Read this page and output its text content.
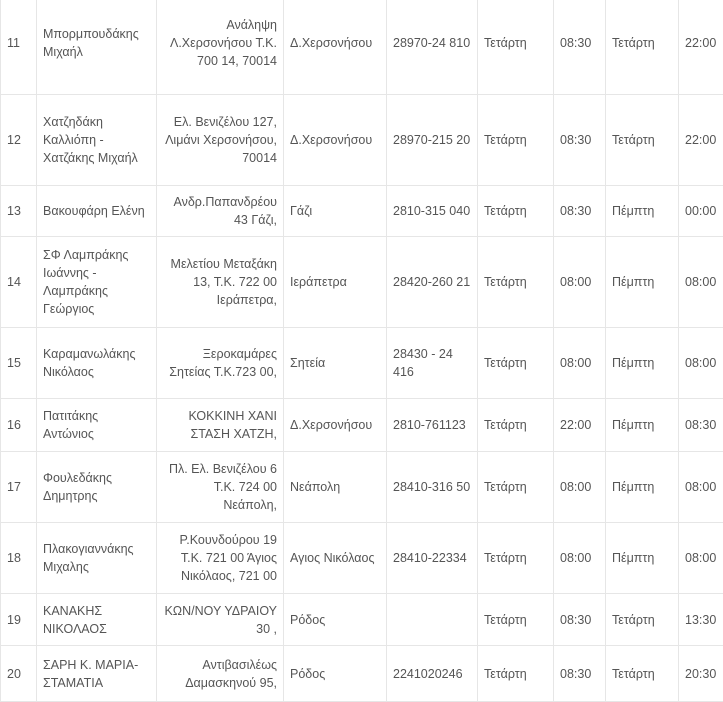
11	Μπορμπουδάκης Μιχαήλ	Ανάληψη Λ.Χερσονήσου Τ.Κ. 700 14, 70014	Δ.Χερσονήσου	28970-24 810	Τετάρτη	08:30	Τετάρτη	22:00
12	Χατζηδάκη Καλλιόπη - Χατζάκης Μιχαήλ	Ελ. Βενιζέλου 127, Λιμάνι Χερσονήσου, 70014	Δ.Χερσονήσου	28970-215 20	Τετάρτη	08:30	Τετάρτη	22:00
13	Βακουφάρη Ελένη	Ανδρ.Παπανδρέου 43 Γάζι,	Γάζι	2810-315 040	Τετάρτη	08:30	Πέμπτη	00:00
14	ΣΦ Λαμπράκης Ιωάννης - Λαμπράκης Γεώργιος	Μελετίου Μεταξάκη 13, Τ.Κ. 722 00 Ιεράπετρα,	Ιεράπετρα	28420-260 21	Τετάρτη	08:00	Πέμπτη	08:00
15	Καραμανωλάκης Νικόλαος	Ξεροκαμάρες Σητείας Τ.Κ.723 00,	Σητεία	28430 - 24 416	Τετάρτη	08:00	Πέμπτη	08:00
16	Πατιτάκης Αντώνιος	ΚΟΚΚΙΝΗ ΧΑΝΙ ΣΤΑΣΗ ΧΑΤΖΗ,	Δ.Χερσονήσου	2810-761123	Τετάρτη	22:00	Πέμπτη	08:30
17	Φουλεδάκης Δημητρης	Πλ. Ελ. Βενιζέλου 6 Τ.Κ. 724 00 Νεάπολη,	Νεάπολη	28410-316 50	Τετάρτη	08:00	Πέμπτη	08:00
18	Πλακογιαννάκης Μιχαλης	Ρ.Κουνδούρου 19 Τ.Κ. 721 00 Άγιος Νικόλαος, 721 00	Αγιος Νικόλαος	28410-22334	Τετάρτη	08:00	Πέμπτη	08:00
19	ΚΑΝΑΚΗΣ ΝΙΚΟΛΑΟΣ	ΚΩΝ/ΝΟΥ ΥΔΡΑΙΟΥ 30 ,	Ρόδος		Τετάρτη	08:30	Τετάρτη	13:30
20	ΣΑΡΗ Κ. ΜΑΡΙΑ-ΣΤΑΜΑΤΙΑ	Αντιβασιλέως Δαμασκηνού 95,	Ρόδος	2241020246	Τετάρτη	08:30	Τετάρτη	20:30
